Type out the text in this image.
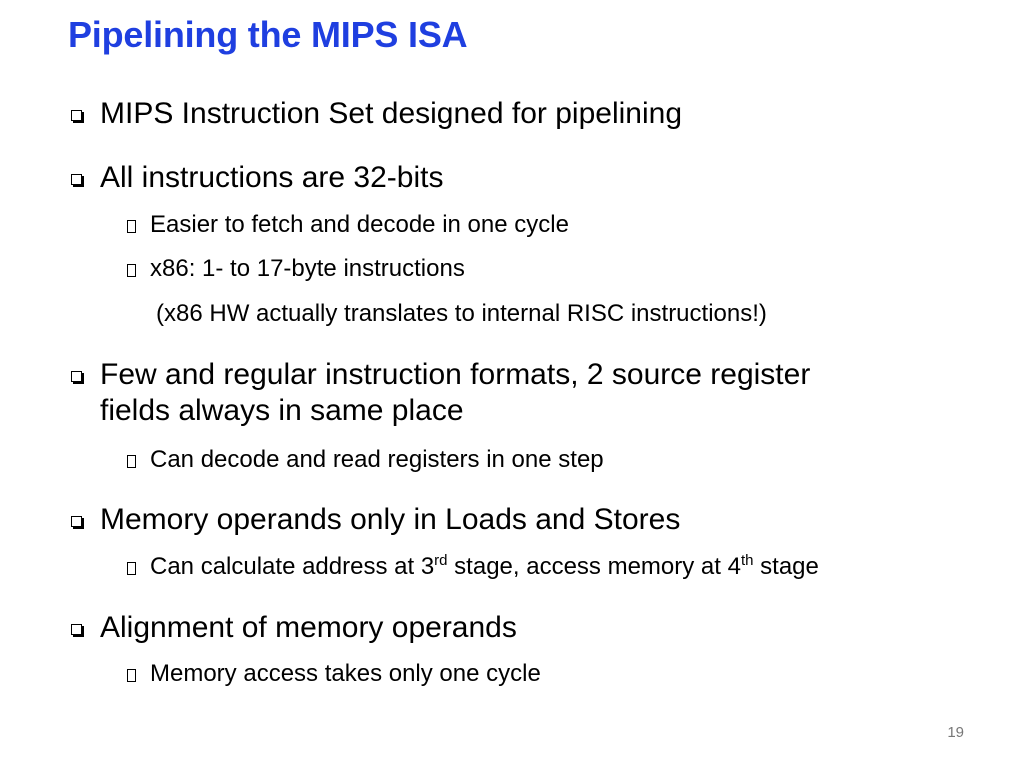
Pipelining the MIPS ISA
MIPS Instruction Set designed for pipelining
All instructions are 32-bits
Easier to fetch and decode in one cycle
x86: 1- to 17-byte instructions
(x86 HW actually translates to internal RISC instructions!)
Few and regular instruction formats, 2 source register
fields always in same place
Can decode and read registers in one step
Memory operands only in Loads and Stores
Can calculate address at 3rd stage, access memory at 4th stage
Alignment of memory operands
Memory access takes only one cycle
19
